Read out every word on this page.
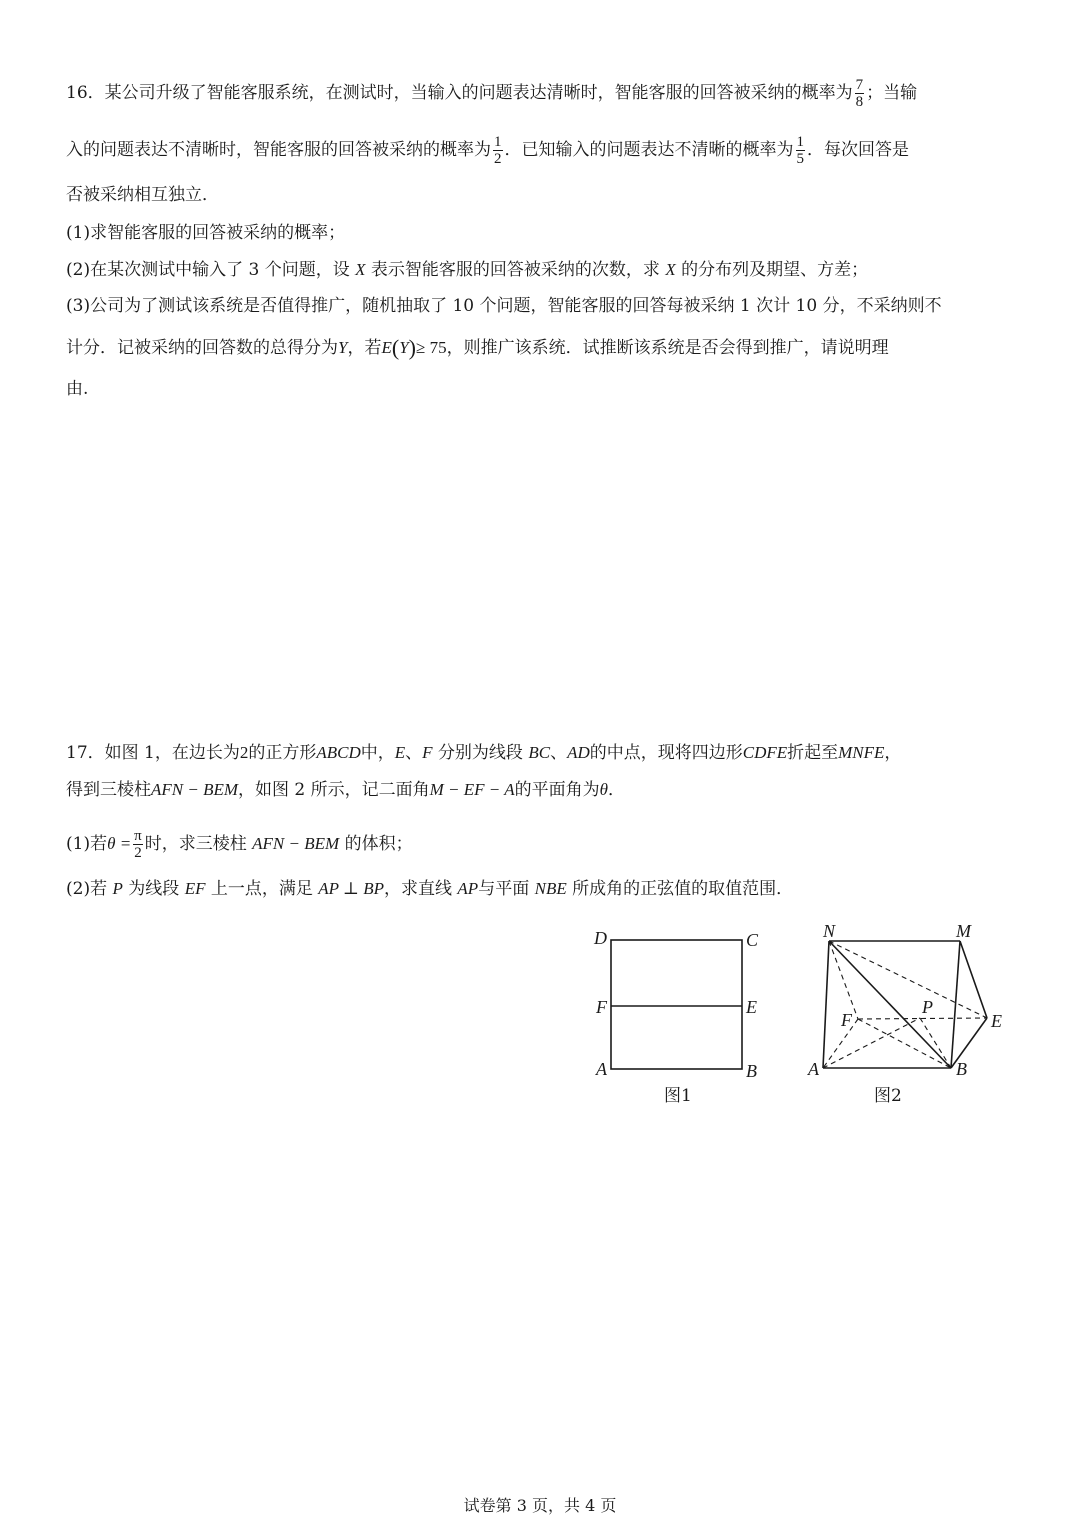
16．某公司升级了智能客服系统，在测试时，当输入的问题表达清晰时，智能客服的回答被采纳的概率为 $\frac{7}{8}$ ；当输
入的问题表达不清晰时，智能客服的回答被采纳的概率为 $\frac{1}{2}$ ．已知输入的问题表达不清晰的概率为 $\frac{1}{5}$ ．每次回答是
否被采纳相互独立．
(1)求智能客服的回答被采纳的概率；
(2)在某次测试中输入了 3 个问题，设 X 表示智能客服的回答被采纳的次数，求 X 的分布列及期望、方差；
(3)公司为了测试该系统是否值得推广，随机抽取了 10 个问题，智能客服的回答每被采纳 1 次计 10 分，不采纳则不
计分．记被采纳的回答数的总得分为Y，若E(Y)≥ 75，则推广该系统．试推断该系统是否会得到推广，请说明理
由.
17．如图 1，在边长为2的正方形ABCD中，E、F 分别为线段 BC、AD的中点，现将四边形CDFE折起至MNFE，
得到三棱柱AFN − BEM，如图 2 所示，记二面角M − EF − A的平面角为θ．
(1)若$\theta = \frac{\pi}{2}$ 时，求三棱柱 AFN − BEM 的体积；
(2)若 P 为线段 EF 上一点，满足 AP ⊥ BP，求直线 AP与平面 NBE 所成角的正弦值的取值范围．
D	C
F	E
A	B
图1
N	M
F
P
E
A	B
图2
试卷第 3 页，共 4 页
